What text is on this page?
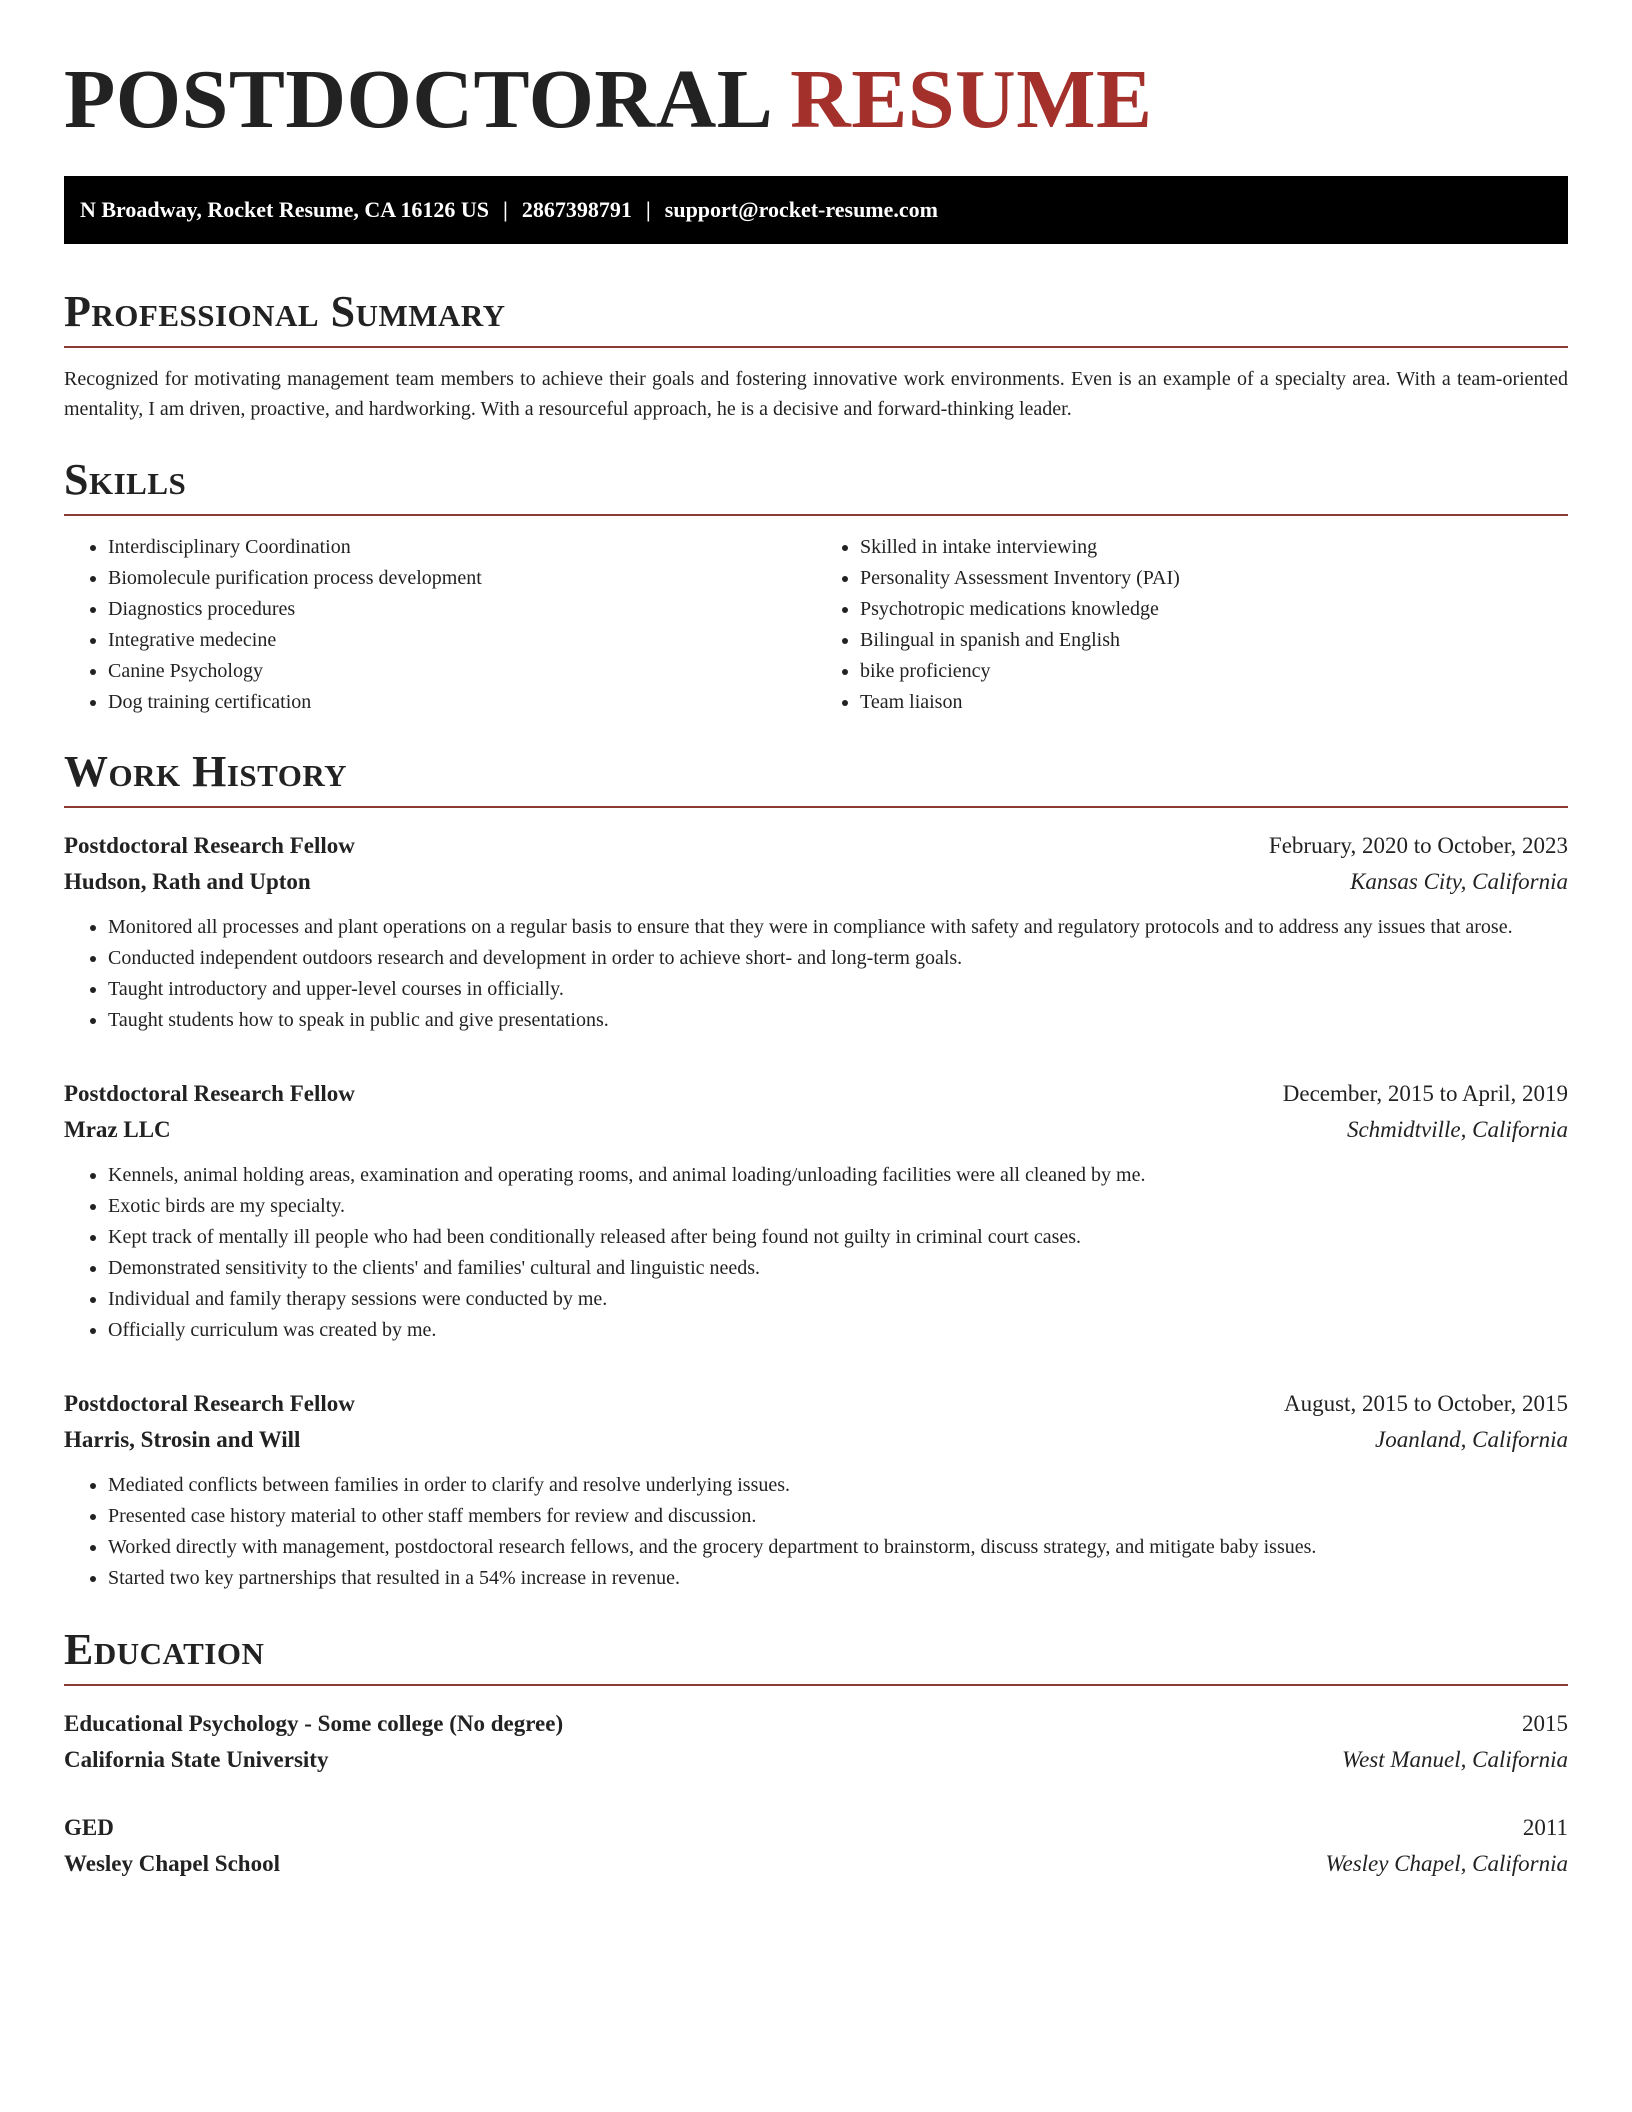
POSTDOCTORAL RESUME
N Broadway, Rocket Resume, CA 16126 US | 2867398791 | support@rocket-resume.com
Professional Summary

Recognized for motivating management team members to achieve their goals and fostering innovative work environments. Even is an example of a specialty area. With a team-oriented mentality, I am driven, proactive, and hardworking. With a resourceful approach, he is a decisive and forward-thinking leader.

Skills
• Interdisciplinary Coordination
• Biomolecule purification process development
• Diagnostics procedures
• Integrative medecine
• Canine Psychology
• Dog training certification
• Skilled in intake interviewing
• Personality Assessment Inventory (PAI)
• Psychotropic medications knowledge
• Bilingual in spanish and English
• bike proficiency
• Team liaison
Work History
Postdoctoral Research Fellow	February, 2020 to October, 2023
Hudson, Rath and Upton	Kansas City, California
• Monitored all processes and plant operations on a regular basis to ensure that they were in compliance with safety and regulatory protocols and to address any issues that arose.
• Conducted independent outdoors research and development in order to achieve short- and long-term goals.
• Taught introductory and upper-level courses in officially.
• Taught students how to speak in public and give presentations.
Postdoctoral Research Fellow	December, 2015 to April, 2019
Mraz LLC	Schmidtville, California
• Kennels, animal holding areas, examination and operating rooms, and animal loading/unloading facilities were all cleaned by me.
• Exotic birds are my specialty.
• Kept track of mentally ill people who had been conditionally released after being found not guilty in criminal court cases.
• Demonstrated sensitivity to the clients' and families' cultural and linguistic needs.
• Individual and family therapy sessions were conducted by me.
• Officially curriculum was created by me.
Postdoctoral Research Fellow	August, 2015 to October, 2015
Harris, Strosin and Will	Joanland, California
• Mediated conflicts between families in order to clarify and resolve underlying issues.
• Presented case history material to other staff members for review and discussion.
• Worked directly with management, postdoctoral research fellows, and the grocery department to brainstorm, discuss strategy, and mitigate baby issues.
• Started two key partnerships that resulted in a 54% increase in revenue.
Education
Educational Psychology - Some college (No degree)	2015
California State University	West Manuel, California
GED	2011
Wesley Chapel School	Wesley Chapel, California
